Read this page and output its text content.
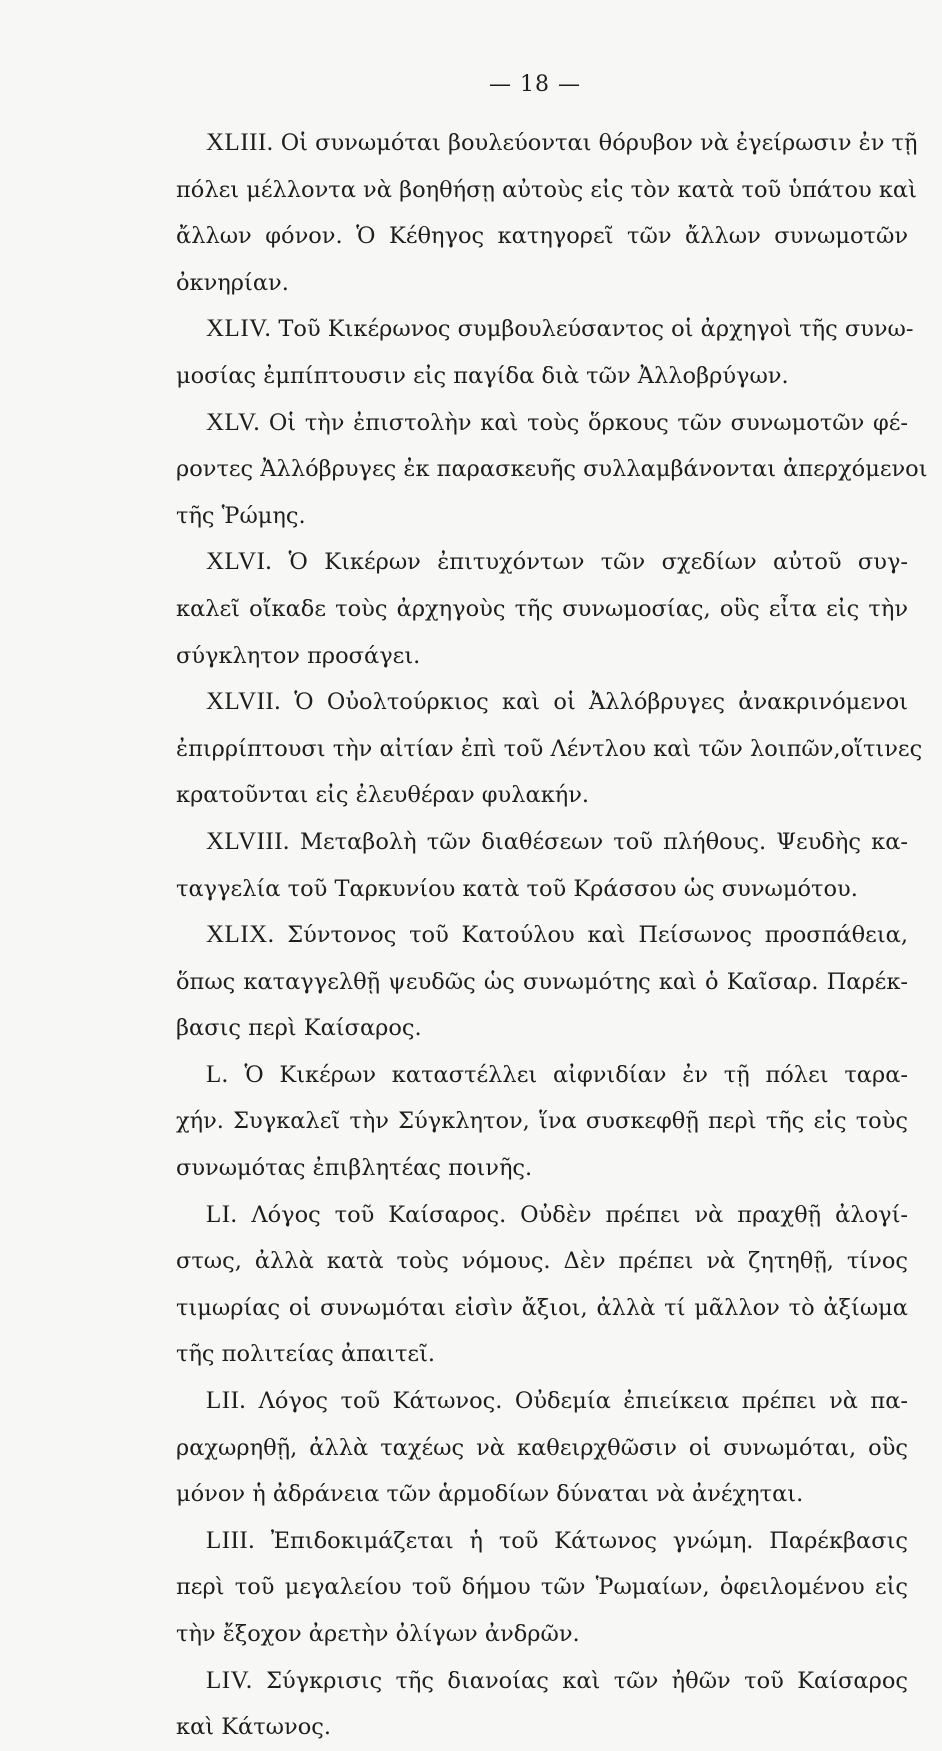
— 18 —
XLIII. Οἱ συνωμόται βουλεύονται θόρυβον νὰ ἐγείρωσιν ἐν τῇ
πόλει μέλλοντα νὰ βοηθήσῃ αὐτοὺς εἰς τὸν κατὰ τοῦ ὑπάτου καὶ
ἄλλων φόνον. Ὁ Κέθηγος κατηγορεῖ τῶν ἄλλων συνωμοτῶν
ὀκνηρίαν.
XLIV. Τοῦ Κικέρωνος συμβουλεύσαντος οἱ ἀρχηγοὶ τῆς συνω-
μοσίας ἐμπίπτουσιν εἰς παγίδα διὰ τῶν Ἀλλοβρύγων.
XLV. Οἱ τὴν ἐπιστολὴν καὶ τοὺς ὅρκους τῶν συνωμοτῶν φέ-
ροντες Ἀλλόβρυγες ἐκ παρασκευῆς συλλαμβάνονται ἀπερχόμενοι
τῆς Ῥώμης.
XLVI. Ὁ Κικέρων ἐπιτυχόντων τῶν σχεδίων αὐτοῦ συγ-
καλεῖ οἴκαδε τοὺς ἀρχηγοὺς τῆς συνωμοσίας, οὓς εἶτα εἰς τὴν
σύγκλητον προσάγει.
XLVII. Ὁ Οὐολτούρκιος καὶ οἱ Ἀλλόβρυγες ἀνακρινόμενοι
ἐπιρρίπτουσι τὴν αἰτίαν ἐπὶ τοῦ Λέντλου καὶ τῶν λοιπῶν,οἵτινες
κρατοῦνται εἰς ἐλευθέραν φυλακήν.
XLVIII. Μεταβολὴ τῶν διαθέσεων τοῦ πλήθους. Ψευδὴς κα-
ταγγελία τοῦ Ταρκυνίου κατὰ τοῦ Κράσσου ὡς συνωμότου.
XLIX. Σύντονος τοῦ Κατούλου καὶ Πείσωνος προσπάθεια,
ὅπως καταγγελθῇ ψευδῶς ὡς συνωμότης καὶ ὁ Καῖσαρ. Παρέκ-
βασις περὶ Καίσαρος.
L. Ὁ Κικέρων καταστέλλει αἰφνιδίαν ἐν τῇ πόλει ταρα-
χήν. Συγκαλεῖ τὴν Σύγκλητον, ἵνα συσκεφθῇ περὶ τῆς εἰς τοὺς
συνωμότας ἐπιβλητέας ποινῆς.
LI. Λόγος τοῦ Καίσαρος. Οὐδὲν πρέπει νὰ πραχθῇ ἀλογί-
στως, ἀλλὰ κατὰ τοὺς νόμους. Δὲν πρέπει νὰ ζητηθῇ, τίνος
τιμωρίας οἱ συνωμόται εἰσὶν ἄξιοι, ἀλλὰ τί μᾶλλον τὸ ἀξίωμα
τῆς πολιτείας ἀπαιτεῖ.
LII. Λόγος τοῦ Κάτωνος. Οὐδεμία ἐπιείκεια πρέπει νὰ πα-
ραχωρηθῇ, ἀλλὰ ταχέως νὰ καθειρχθῶσιν οἱ συνωμόται, οὓς
μόνον ἡ ἀδράνεια τῶν ἁρμοδίων δύναται νὰ ἀνέχηται.
LIII. Ἐπιδοκιμάζεται ἡ τοῦ Κάτωνος γνώμη. Παρέκβασις
περὶ τοῦ μεγαλείου τοῦ δήμου τῶν Ῥωμαίων, ὀφειλομένου εἰς
τὴν ἔξοχον ἀρετὴν ὀλίγων ἀνδρῶν.
LIV. Σύγκρισις τῆς διανοίας καὶ τῶν ἠθῶν τοῦ Καίσαρος
καὶ Κάτωνος.
